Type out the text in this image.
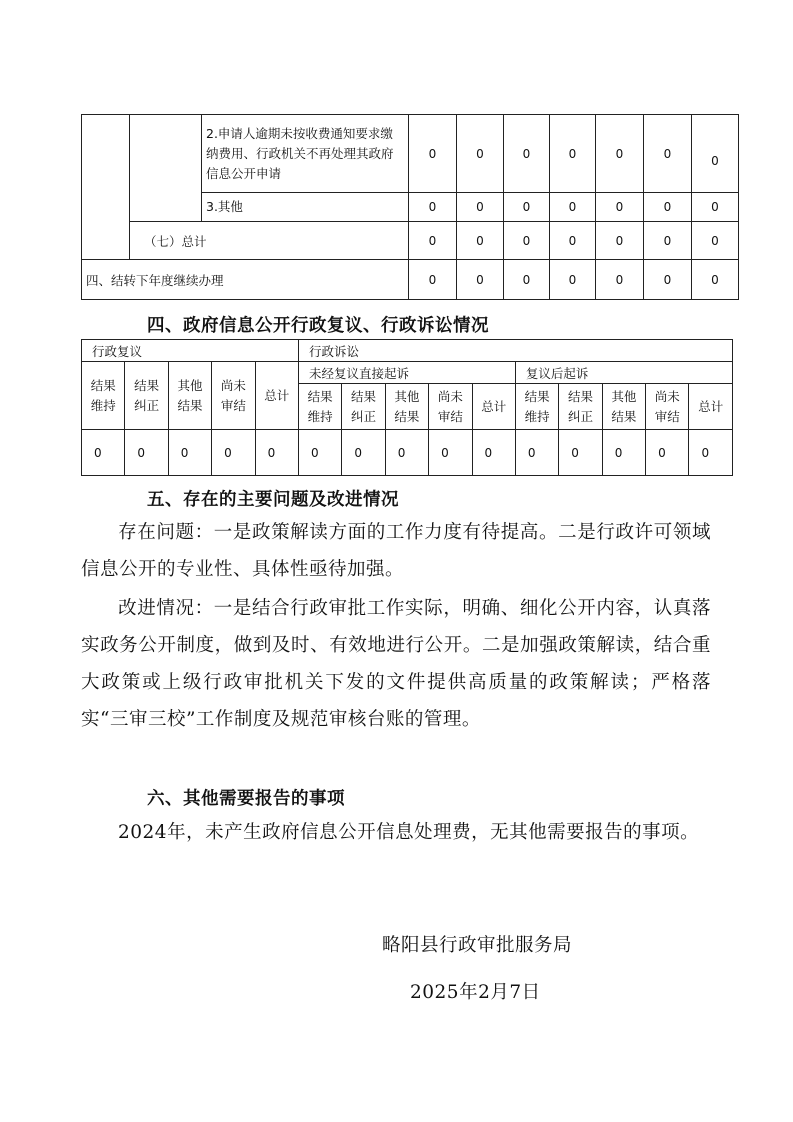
		2.申请人逾期未按收费通知要求缴纳费用、行政机关不再处理其政府信息公开申请	0	0	0	0	0	0	0
		3.其他	0	0	0	0	0	0	0
	（七）总计		0	0	0	0	0	0	0
四、结转下年度继续办理			0	0	0	0	0	0	0
四、政府信息公开行政复议、行政诉讼情况
行政复议					行政诉讼									
结果维持	结果纠正	其他结果	尚未审结	总计	未经复议直接起诉					复议后起诉				
					结果维持	结果纠正	其他结果	尚未审结	总计	结果维持	结果纠正	其他结果	尚未审结	总计
0	0	0	0	0	0	0	0	0	0	0	0	0	0	0
五、存在的主要问题及改进情况
存在问题：一是政策解读方面的工作力度有待提高。二是行政许可领域信息公开的专业性、具体性亟待加强。
改进情况：一是结合行政审批工作实际，明确、细化公开内容，认真落实政务公开制度，做到及时、有效地进行公开。二是加强政策解读，结合重大政策或上级行政审批机关下发的文件提供高质量的政策解读；严格落实“三审三校”工作制度及规范审核台账的管理。
六、其他需要报告的事项
2024年，未产生政府信息公开信息处理费，无其他需要报告的事项。
略阳县行政审批服务局
2025年2月7日
